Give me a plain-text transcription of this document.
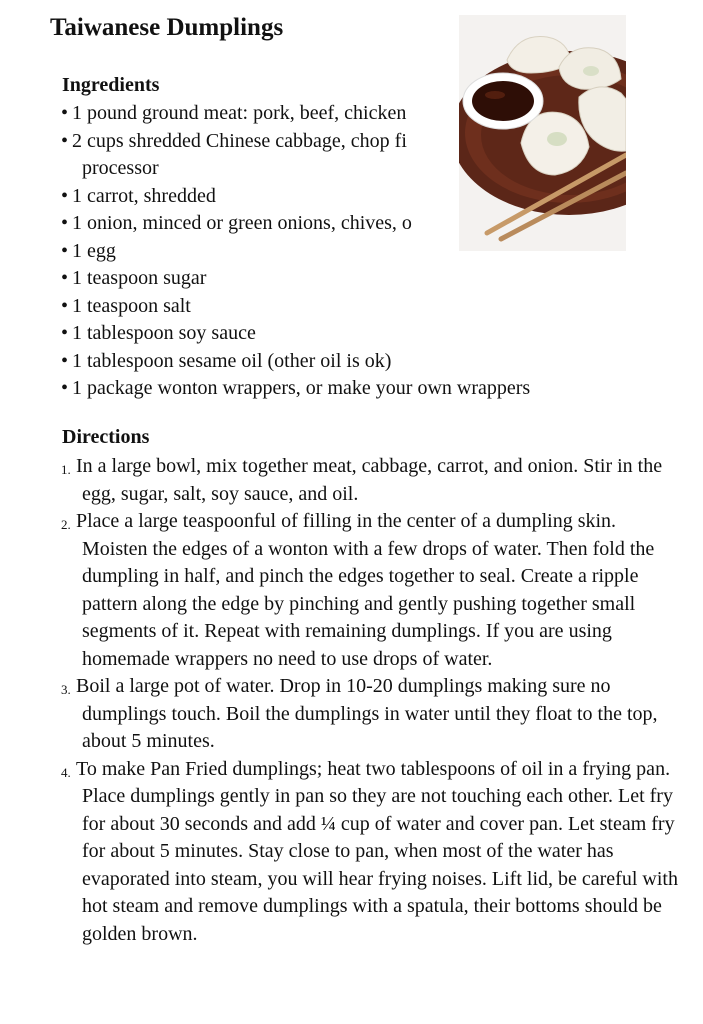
Taiwanese Dumplings
Ingredients
• 1 pound ground meat: pork, beef, chicken
• 2 cups shredded Chinese cabbage, chop fi
processor
• 1 carrot, shredded
• 1 onion, minced or green onions, chives, o
• 1 egg
• 1 teaspoon sugar
• 1 teaspoon salt
• 1 tablespoon soy sauce
• 1 tablespoon sesame oil (other oil is ok)
• 1 package wonton wrappers, or make your own wrappers
Directions
1. In a large bowl, mix together meat, cabbage, carrot, and onion. Stir in the egg, sugar, salt, soy sauce, and oil.
2. Place a large teaspoonful of filling in the center of a dumpling skin. Moisten the edges of a wonton with a few drops of water. Then fold the dumpling in half, and pinch the edges together to seal. Create a ripple pattern along the edge by pinching and gently pushing together small segments of it. Repeat with remaining dumplings. If you are using homemade wrappers no need to use drops of water.
3. Boil a large pot of water. Drop in 10-20 dumplings making sure no dumplings touch. Boil the dumplings in water until they float to the top, about 5 minutes.
4. To make Pan Fried dumplings; heat two tablespoons of oil in a frying pan. Place dumplings gently in pan so they are not touching each other. Let fry for about 30 seconds and add ¼ cup of water and cover pan. Let steam fry for about 5 minutes. Stay close to pan, when most of the water has evaporated into steam, you will hear frying noises. Lift lid, be careful with hot steam and remove dumplings with a spatula, their bottoms should be golden brown.
